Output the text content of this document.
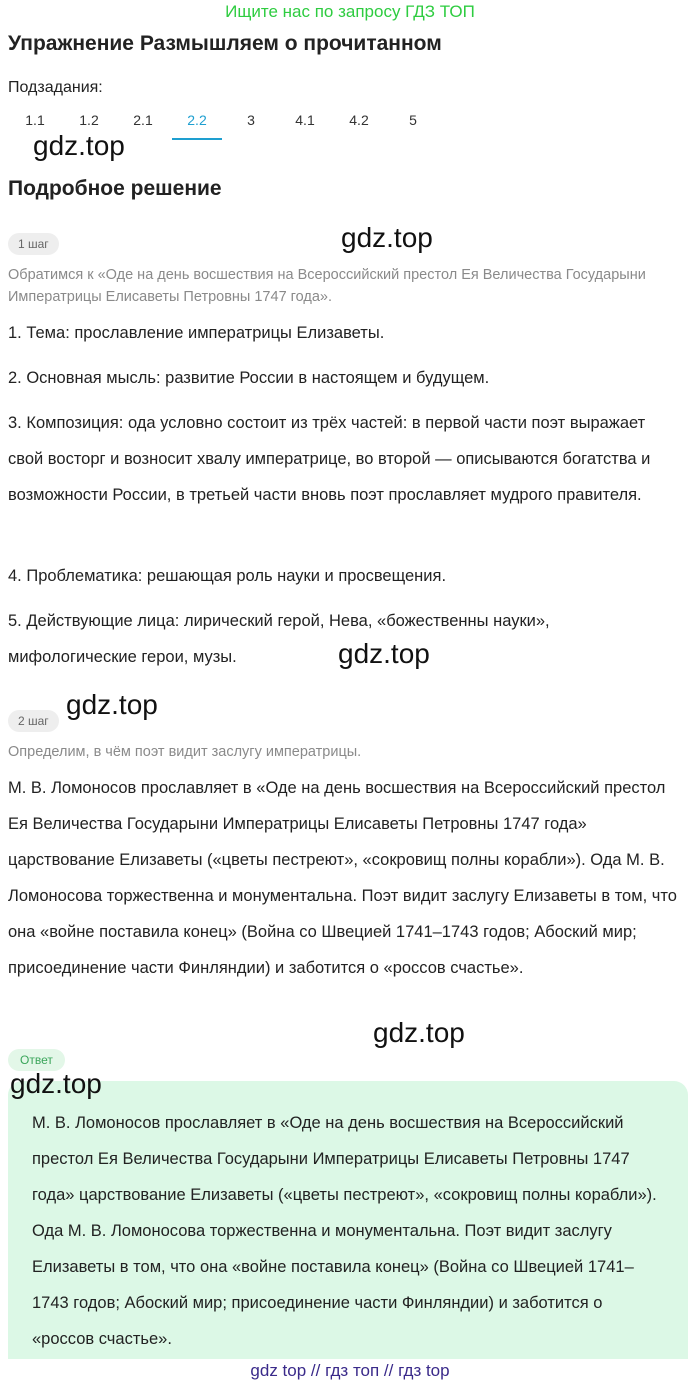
Ищите нас по запросу ГДЗ ТОП
Упражнение Размышляем о прочитанном
Подзадания:
1.1	1.2	2.1	2.2	3	4.1	4.2	5
gdz.top
Подробное решение
1 шаг	gdz.top
Обратимся к «Оде на день восшествия на Всероссийский престол Ея Величества Государыни Императрицы Елисаветы Петровны 1747 года».
1. Тема: прославление императрицы Елизаветы.
2. Основная мысль: развитие России в настоящем и будущем.
3. Композиция: ода условно состоит из трёх частей: в первой части поэт выражает свой восторг и возносит хвалу императрице, во второй — описываются богатства и возможности России, в третьей части вновь поэт прославляет мудрого правителя.
4. Проблематика: решающая роль науки и просвещения.
5. Действующие лица: лирический герой, Нева, «божественны науки», мифологические герои, музы.	gdz.top
2 шаг
gdz.top
Определим, в чём поэт видит заслугу императрицы.
М. В. Ломоносов прославляет в «Оде на день восшествия на Всероссийский престол Ея Величества Государыни Императрицы Елисаветы Петровны 1747 года» царствование Елизаветы («цветы пестреют», «сокровищ полны корабли»). Ода М. В. Ломоносова торжественна и монументальна. Поэт видит заслугу Елизаветы в том, что она «войне поставила конец» (Война со Швецией 1741–1743 годов; Абоский мир; присоединение части Финляндии) и заботится о «россов счастье».
gdz.top
Ответ
gdz.top
М. В. Ломоносов прославляет в «Оде на день восшествия на Всероссийский престол Ея Величества Государыни Императрицы Елисаветы Петровны 1747 года» царствование Елизаветы («цветы пестреют», «сокровищ полны корабли»). Ода М. В. Ломоносова торжественна и монументальна. Поэт видит заслугу Елизаветы в том, что она «войне поставила конец» (Война со Швецией 1741–1743 годов; Абоский мир; присоединение части Финляндии) и заботится о «россов счастье».
gdz top // гдз топ // гдз top
